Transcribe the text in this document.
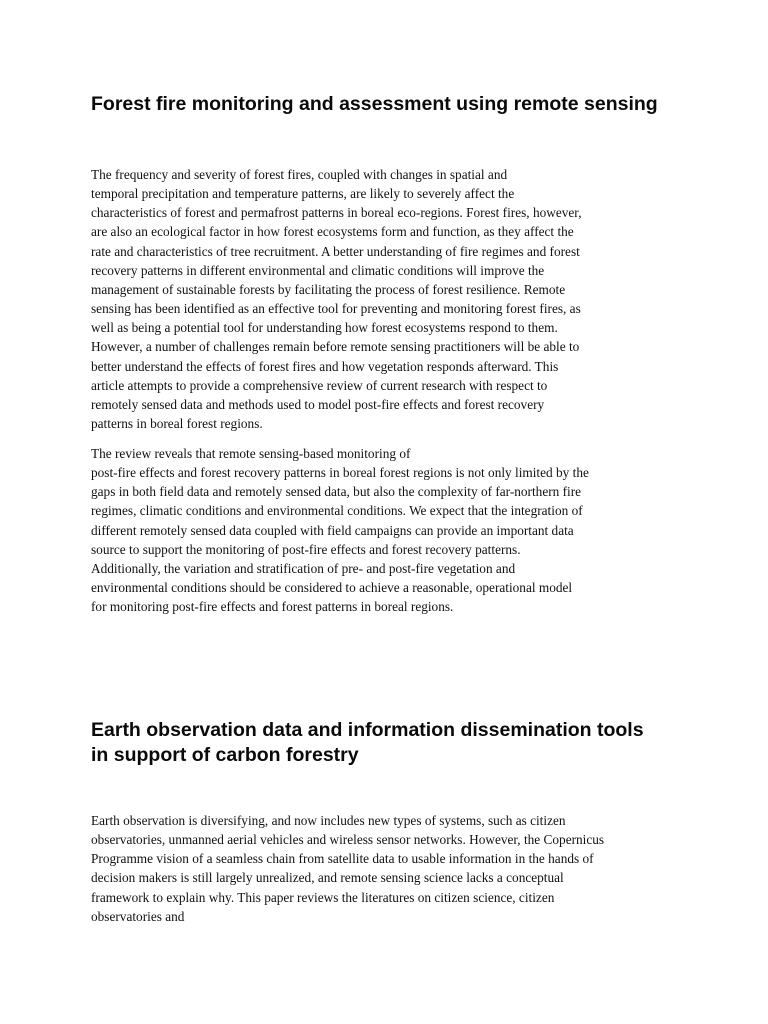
Forest fire monitoring and assessment using remote sensing
The frequency and severity of forest fires, coupled with changes in spatial and
temporal precipitation and temperature patterns, are likely to severely affect the
characteristics of forest and permafrost patterns in boreal eco-regions. Forest fires, however,
are also an ecological factor in how forest ecosystems form and function, as they affect the
rate and characteristics of tree recruitment. A better understanding of fire regimes and forest
recovery patterns in different environmental and climatic conditions will improve the
management of sustainable forests by facilitating the process of forest resilience. Remote
sensing has been identified as an effective tool for preventing and monitoring forest fires, as
well as being a potential tool for understanding how forest ecosystems respond to them.
However, a number of challenges remain before remote sensing practitioners will be able to
better understand the effects of forest fires and how vegetation responds afterward. This
article attempts to provide a comprehensive review of current research with respect to
remotely sensed data and methods used to model post-fire effects and forest recovery
patterns in boreal forest regions.
The review reveals that remote sensing-based monitoring of
post-fire effects and forest recovery patterns in boreal forest regions is not only limited by the
gaps in both field data and remotely sensed data, but also the complexity of far-northern fire
regimes, climatic conditions and environmental conditions. We expect that the integration of
different remotely sensed data coupled with field campaigns can provide an important data
source to support the monitoring of post-fire effects and forest recovery patterns.
Additionally, the variation and stratification of pre- and post-fire vegetation and
environmental conditions should be considered to achieve a reasonable, operational model
for monitoring post-fire effects and forest patterns in boreal regions.
Earth observation data and information dissemination tools
in support of carbon forestry
Earth observation is diversifying, and now includes new types of systems, such as citizen
observatories, unmanned aerial vehicles and wireless sensor networks. However, the Copernicus
Programme vision of a seamless chain from satellite data to usable information in the hands of
decision makers is still largely unrealized, and remote sensing science lacks a conceptual
framework to explain why. This paper reviews the literatures on citizen science, citizen
observatories and
